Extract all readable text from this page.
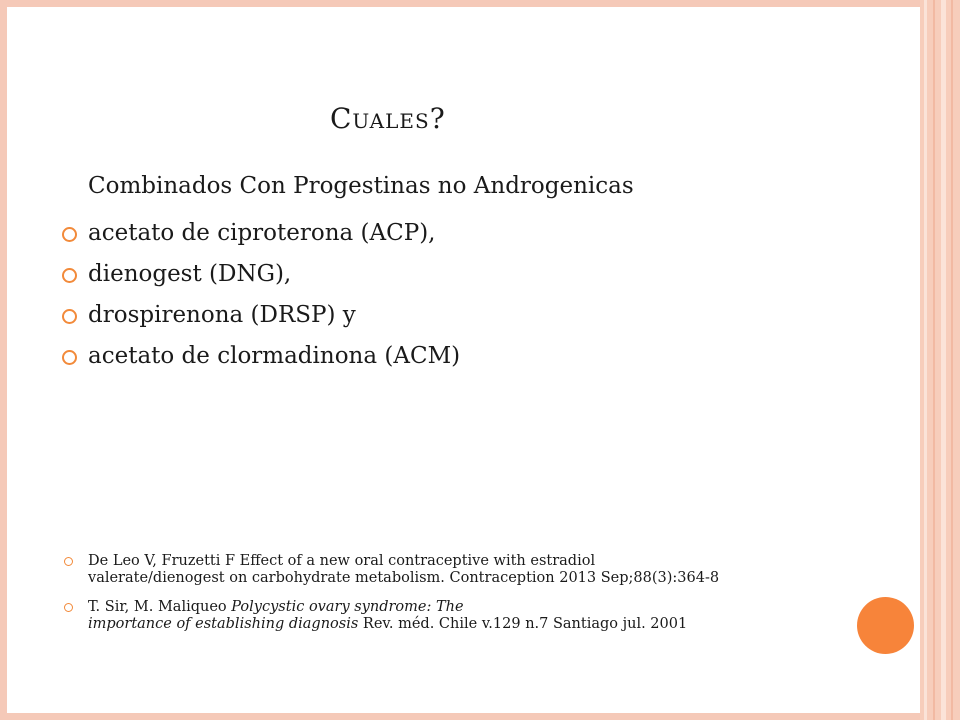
Cuales?
Combinados Con Progestinas no Androgenicas
acetato de ciproterona (ACP),
dienogest (DNG),
drospirenona (DRSP) y
acetato de clormadinona (ACM)
De Leo V, Fruzetti F Effect of a new oral contraceptive with estradiol
valerate/dienogest on carbohydrate metabolism. Contraception 2013 Sep;88(3):364-8
T. Sir, M. Maliqueo Polycystic ovary syndrome: The
importance of establishing diagnosis Rev. méd. Chile v.129 n.7 Santiago jul. 2001
